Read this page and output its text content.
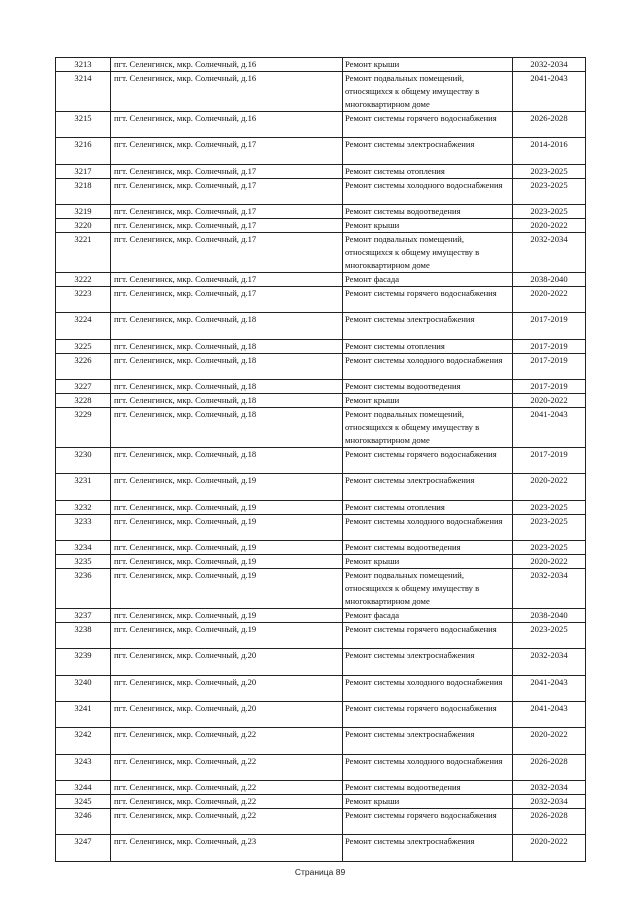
3213	пгт. Селенгинск, мкр. Солнечный, д.16	Ремонт крыши	2032-2034
3214	пгт. Селенгинск, мкр. Солнечный, д.16	Ремонт подвальных помещений, относящихся к общему имуществу в многоквартирном доме	2041-2043
3215	пгт. Селенгинск, мкр. Солнечный, д.16	Ремонт системы горячего водоснабжения	2026-2028
3216	пгт. Селенгинск, мкр. Солнечный, д.17	Ремонт системы электроснабжения	2014-2016
3217	пгт. Селенгинск, мкр. Солнечный, д.17	Ремонт системы отопления	2023-2025
3218	пгт. Селенгинск, мкр. Солнечный, д.17	Ремонт системы холодного водоснабжения	2023-2025
3219	пгт. Селенгинск, мкр. Солнечный, д.17	Ремонт системы водоотведения	2023-2025
3220	пгт. Селенгинск, мкр. Солнечный, д.17	Ремонт крыши	2020-2022
3221	пгт. Селенгинск, мкр. Солнечный, д.17	Ремонт подвальных помещений, относящихся к общему имуществу в многоквартирном доме	2032-2034
3222	пгт. Селенгинск, мкр. Солнечный, д.17	Ремонт фасада	2038-2040
3223	пгт. Селенгинск, мкр. Солнечный, д.17	Ремонт системы горячего водоснабжения	2020-2022
3224	пгт. Селенгинск, мкр. Солнечный, д.18	Ремонт системы электроснабжения	2017-2019
3225	пгт. Селенгинск, мкр. Солнечный, д.18	Ремонт системы отопления	2017-2019
3226	пгт. Селенгинск, мкр. Солнечный, д.18	Ремонт системы холодного водоснабжения	2017-2019
3227	пгт. Селенгинск, мкр. Солнечный, д.18	Ремонт системы водоотведения	2017-2019
3228	пгт. Селенгинск, мкр. Солнечный, д.18	Ремонт крыши	2020-2022
3229	пгт. Селенгинск, мкр. Солнечный, д.18	Ремонт подвальных помещений, относящихся к общему имуществу в многоквартирном доме	2041-2043
3230	пгт. Селенгинск, мкр. Солнечный, д.18	Ремонт системы горячего водоснабжения	2017-2019
3231	пгт. Селенгинск, мкр. Солнечный, д.19	Ремонт системы электроснабжения	2020-2022
3232	пгт. Селенгинск, мкр. Солнечный, д.19	Ремонт системы отопления	2023-2025
3233	пгт. Селенгинск, мкр. Солнечный, д.19	Ремонт системы холодного водоснабжения	2023-2025
3234	пгт. Селенгинск, мкр. Солнечный, д.19	Ремонт системы водоотведения	2023-2025
3235	пгт. Селенгинск, мкр. Солнечный, д.19	Ремонт крыши	2020-2022
3236	пгт. Селенгинск, мкр. Солнечный, д.19	Ремонт подвальных помещений, относящихся к общему имуществу в многоквартирном доме	2032-2034
3237	пгт. Селенгинск, мкр. Солнечный, д.19	Ремонт фасада	2038-2040
3238	пгт. Селенгинск, мкр. Солнечный, д.19	Ремонт системы горячего водоснабжения	2023-2025
3239	пгт. Селенгинск, мкр. Солнечный, д.20	Ремонт системы электроснабжения	2032-2034
3240	пгт. Селенгинск, мкр. Солнечный, д.20	Ремонт системы холодного водоснабжения	2041-2043
3241	пгт. Селенгинск, мкр. Солнечный, д.20	Ремонт системы горячего водоснабжения	2041-2043
3242	пгт. Селенгинск, мкр. Солнечный, д.22	Ремонт системы электроснабжения	2020-2022
3243	пгт. Селенгинск, мкр. Солнечный, д.22	Ремонт системы холодного водоснабжения	2026-2028
3244	пгт. Селенгинск, мкр. Солнечный, д.22	Ремонт системы водоотведения	2032-2034
3245	пгт. Селенгинск, мкр. Солнечный, д.22	Ремонт крыши	2032-2034
3246	пгт. Селенгинск, мкр. Солнечный, д.22	Ремонт системы горячего водоснабжения	2026-2028
3247	пгт. Селенгинск, мкр. Солнечный, д.23	Ремонт системы электроснабжения	2020-2022
Страница 89
